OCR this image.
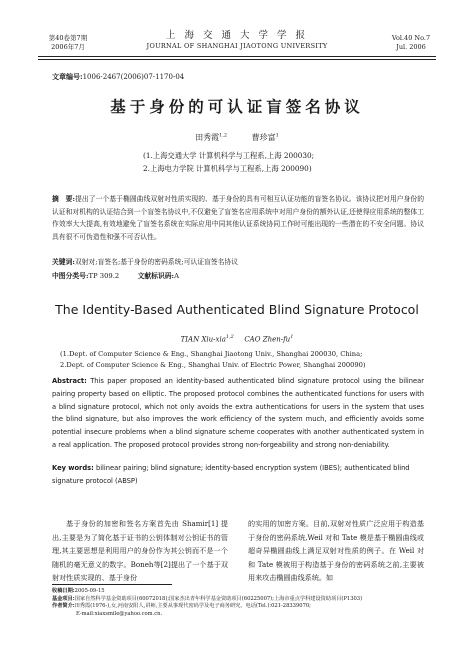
第40卷第7期
2006年7月
上 海 交 通 大 学 学 报
JOURNAL OF SHANGHAI JIAOTONG UNIVERSITY
Vol.40 No.7
Jul. 2006
文章编号:1006-2467(2006)07-1170-04
基于身份的可认证盲签名协议
田秀霞$^{1,2}$	曹珍富$^1$
(1.上海交通大学 计算机科学与工程系,上海 200030;
2.上海电力学院 计算机科学与工程系,上海 200090)
摘　要:提出了一个基于椭圆曲线双射对性质实现的、基于身份的具有可相互认证功能的盲签名协议。该协议把对用户身份的认证和对机构的认证结合到一个盲签名协议中,不仅避免了盲签名应用系统中对用户身份的额外认证,还使得应用系统的整体工作效率大大提高,有效地避免了盲签名系统在实际应用中同其他认证系统协同工作时可能出现的一些潜在的不安全问题。协议具有很不可伪造性和强不可否认性。
关键词:双射对;盲签名;基于身份的密码系统;可认证盲签名协议
中图分类号:TP 309.2	文献标识码:A
The Identity-Based Authenticated Blind Signature Protocol
TIAN Xiu-xia$^{1,2}$ CAO Zhen-$fu^1$
(1.Dept. of Computer Science & Eng., Shanghai Jiaotong Univ., Shanghai 200030, China;
2.Dept. of Computer Science & Eng., Shanghai Univ. of Electric Power, Shanghai 200090)
Abstract: This paper proposed an identity-based authenticated blind signature protocol using the bilinear pairing property based on elliptic. The proposed protocol combines the authenticated functions for users with a blind signature protocol, which not only avoids the extra authentications for users in the system that uses the blind signature, but also improves the work efficiency of the system much, and efficiently avoids some potential insecure problems when a blind signature scheme cooperates with another authenticated system in a real application. The proposed protocol provides strong non-forgeability and strong non-deniability.
Key words: bilinear pairing; blind signature; identity-based encryption system (IBES); authenticated blind signature protocol (ABSP)
基于身份的加密和签名方案首先由 Shamir[1] 提出,主要是为了简化基于证书的公钥体制对公钥证书的管理,其主要思想是利用用户的身份作为其公钥而不是一个随机的毫无意义的数字。Boneh等[2]提出了一个基于双射对性质实现的、基于身份
的实用的加密方案。目前,双射对性质广泛应用于构造基于身份的密码系统,Weil 对和 Tate 模是基于椭圆曲线或超奇异椭圆曲线上满足双射对性质的例子。在 Weil 对和 Tate 模被用于构造基于身份的密码系统之前,主要被用来攻击椭圆曲线系统。如
收稿日期:2005-09-15
基金项目:国家自然科学基金资助项目(60072018);国家杰出青年科学基金资助项目(60225007);上海市重点学科建设资助项目(P1303)
作者简介:田秀霞(1976-),女,河南安阳人,讲师,主要从事现代密码学及电子商务研究。电话(Tel.):021-28339070;
E-mail:xiaxsmile@yahoo.com.cn.
